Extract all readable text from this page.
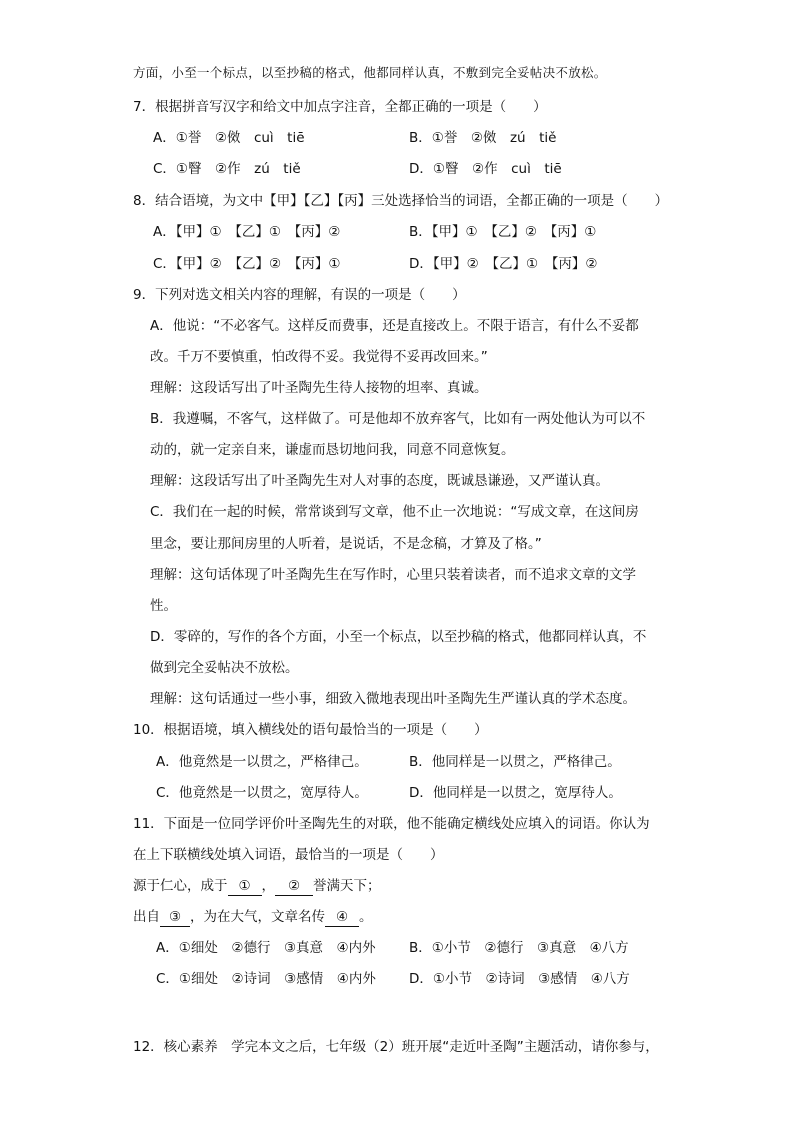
方面，小至一个标点，以至抄稿的格式，他都同样认真，不敷到完全妥帖决不放松。
7．根据拼音写汉字和给文中加点字注音，全都正确的一项是（　　）
A．①誉　②傚　cuì　tiē	B．①誉　②傚　zú　tiě
C．①瞖　②作　zú　tiě	D．①瞖　②作　cuì　tiē
8．结合语境，为文中【甲】【乙】【丙】三处选择恰当的词语，全都正确的一项是（　　）
A．【甲】①　【乙】①　【丙】②	B．【甲】①　【乙】②　【丙】①
C．【甲】②　【乙】②　【丙】①	D．【甲】②　【乙】①　【丙】②
9．下列对选文相关内容的理解，有误的一项是（　　）
A．他说：“不必客气。这样反而费事，还是直接改上。不限于语言，有什么不妥都
改。千万不要慎重，怕改得不妥。我觉得不妥再改回来。”
理解：这段话写出了叶圣陶先生待人接物的坦率、真诚。
B．我遵嘱，不客气，这样做了。可是他却不放弃客气，比如有一两处他认为可以不
动的，就一定亲自来，谦虚而恳切地问我，同意不同意恢复。
理解：这段话写出了叶圣陶先生对人对事的态度，既诚恳谦逊，又严谨认真。
C．我们在一起的时候，常常谈到写文章，他不止一次地说：“写成文章，在这间房
里念，要让那间房里的人听着，是说话，不是念稿，才算及了格。”
理解：这句话体现了叶圣陶先生在写作时，心里只装着读者，而不追求文章的文学
性。
D．零碎的，写作的各个方面，小至一个标点，以至抄稿的格式，他都同样认真，不
做到完全妥帖决不放松。
理解：这句话通过一些小事，细致入微地表现出叶圣陶先生严谨认真的学术态度。
10．根据语境，填入横线处的语句最恰当的一项是（　　）
A．他竟然是一以贯之，严格律己。	B．他同样是一以贯之，严格律己。
C．他竟然是一以贯之，宽厚待人。	D．他同样是一以贯之，宽厚待人。
11．下面是一位同学评价叶圣陶先生的对联，他不能确定横线处应填入的词语。你认为
在上下联横线处填入词语，最恰当的一项是（　　）
源于仁心，成于 ① ， ② 誉满天下；
出自 ③ ，为在大气，文章名传 ④ 。
A．①细处　②德行　③真意　④内外 B．①小节　②德行　③真意　④八方
C．①细处　②诗词　③感情　④内外 D．①小节　②诗词　③感情　④八方
12．核心素养　学完本文之后，七年级（2）班开展“走近叶圣陶”主题活动，请你参与，
